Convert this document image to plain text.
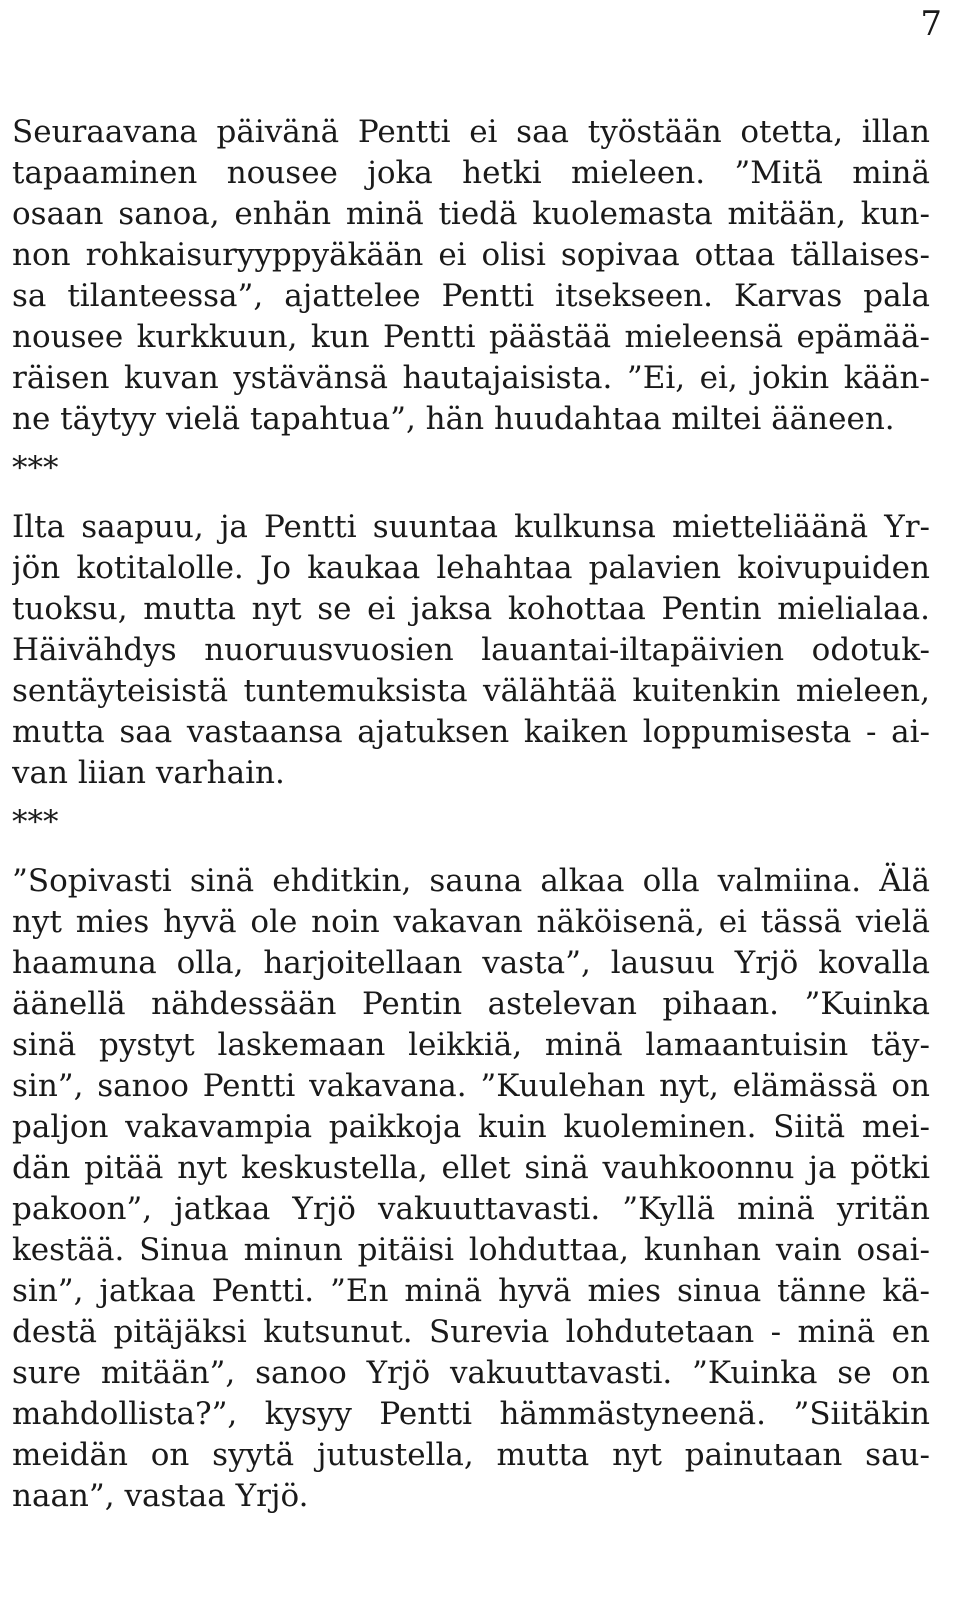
7
Seuraavana päivänä Pentti ei saa työstään otetta, illan
tapaaminen nousee joka hetki mieleen. ”Mitä minä
osaan sanoa, enhän minä tiedä kuolemasta mitään, kun-
non rohkaisuryyppyäkään ei olisi sopivaa ottaa tällaises-
sa tilanteessa”, ajattelee Pentti itsekseen. Karvas pala
nousee kurkkuun, kun Pentti päästää mieleensä epämää-
räisen kuvan ystävänsä hautajaisista. ”Ei, ei, jokin kään-
ne täytyy vielä tapahtua”, hän huudahtaa miltei ääneen.
***
Ilta saapuu, ja Pentti suuntaa kulkunsa mietteliäänä Yr-
jön kotitalolle. Jo kaukaa lehahtaa palavien koivupuiden
tuoksu, mutta nyt se ei jaksa kohottaa Pentin mielialaa.
Häivähdys nuoruusvuosien lauantai-iltapäivien odotuk-
sentäyteisistä tuntemuksista välähtää kuitenkin mieleen,
mutta saa vastaansa ajatuksen kaiken loppumisesta - ai-
van liian varhain.
***
”Sopivasti sinä ehditkin, sauna alkaa olla valmiina. Älä
nyt mies hyvä ole noin vakavan näköisenä, ei tässä vielä
haamuna olla, harjoitellaan vasta”, lausuu Yrjö kovalla
äänellä nähdessään Pentin astelevan pihaan. ”Kuinka
sinä pystyt laskemaan leikkiä, minä lamaantuisin täy-
sin”, sanoo Pentti vakavana. ”Kuulehan nyt, elämässä on
paljon vakavampia paikkoja kuin kuoleminen. Siitä mei-
dän pitää nyt keskustella, ellet sinä vauhkoonnu ja pötki
pakoon”, jatkaa Yrjö vakuuttavasti. ”Kyllä minä yritän
kestää. Sinua minun pitäisi lohduttaa, kunhan vain osai-
sin”, jatkaa Pentti. ”En minä hyvä mies sinua tänne kä-
destä pitäjäksi kutsunut. Surevia lohdutetaan - minä en
sure mitään”, sanoo Yrjö vakuuttavasti. ”Kuinka se on
mahdollista?”, kysyy Pentti hämmästyneenä. ”Siitäkin
meidän on syytä jutustella, mutta nyt painutaan sau-
naan”, vastaa Yrjö.
